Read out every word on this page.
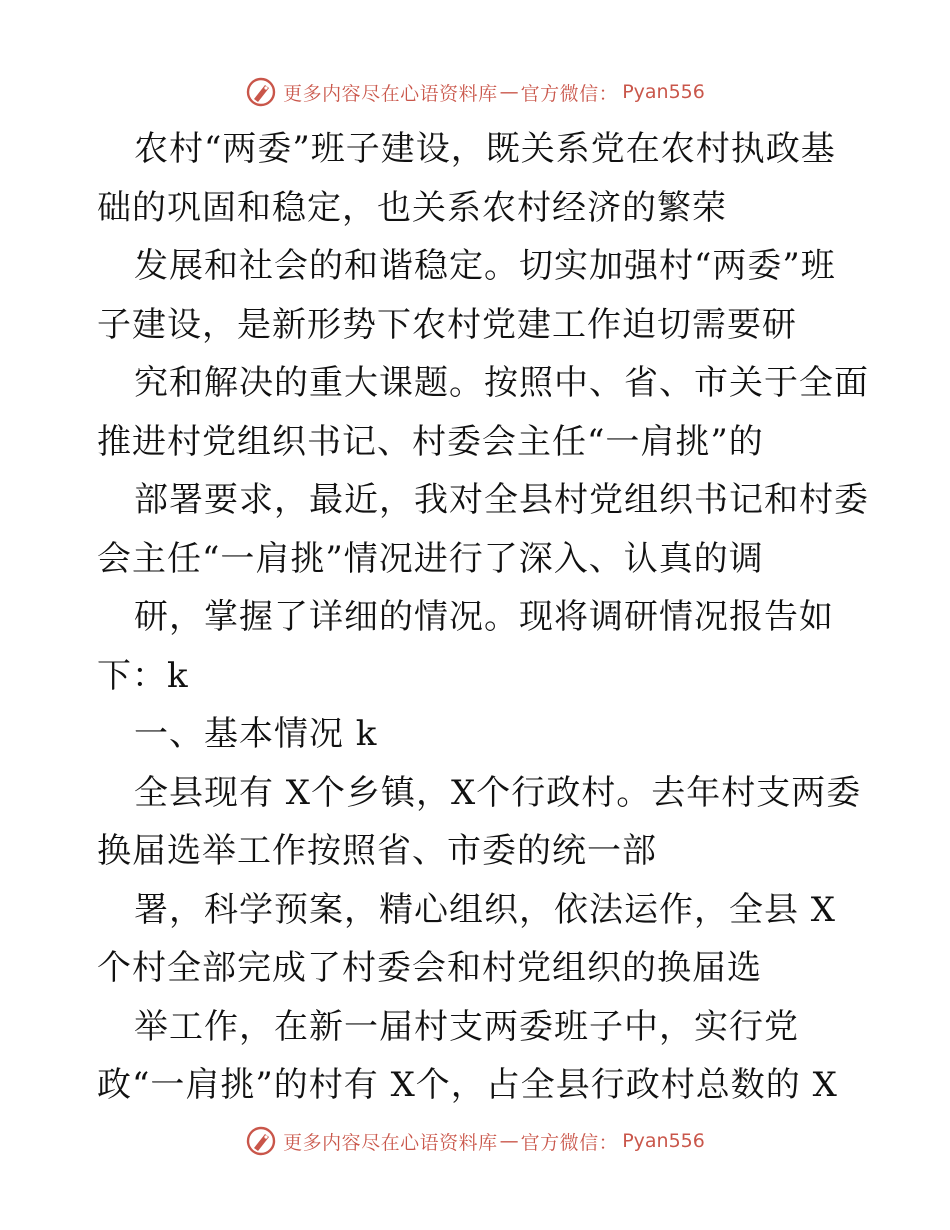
更多内容尽在心语资料库 — 官方微信： Pyan556
农村“两委”班子建设，既关系党在农村执政基
础的巩固和稳定，也关系农村经济的繁荣
发展和社会的和谐稳定。切实加强村“两委”班
子建设，是新形势下农村党建工作迫切需要研
究和解决的重大课题。按照中、省、市关于全面
推进村党组织书记、村委会主任“一肩挑”的
部署要求，最近，我对全县村党组织书记和村委
会主任“一肩挑”情况进行了深入、认真的调
研，掌握了详细的情况。现将调研情况报告如
下：k
一、基本情况 k
全县现有 X个乡镇，X个行政村。去年村支两委
换届选举工作按照省、市委的统一部
署，科学预案，精心组织，依法运作，全县 X
个村全部完成了村委会和村党组织的换届选
举工作，在新一届村支两委班子中，实行党
政“一肩挑”的村有 X个，占全县行政村总数的 X
更多内容尽在心语资料库 — 官方微信： Pyan556
